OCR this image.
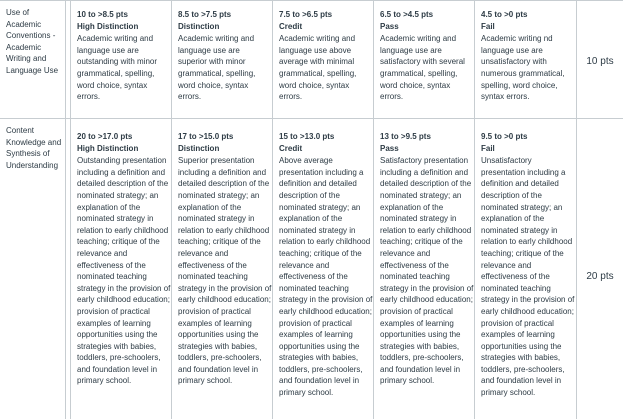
Use of Academic Conventions - Academic Writing and Language Use
10 to >8.5 pts
High Distinction
Academic writing and language use are outstanding with minor grammatical, spelling, word choice, syntax errors.
8.5 to >7.5 pts
Distinction
Academic writing and language use are superior with minor grammatical, spelling, word choice, syntax errors.
7.5 to >6.5 pts
Credit
Academic writing and language use above average with minimal grammatical, spelling, word choice, syntax errors.
6.5 to >4.5 pts
Pass
Academic writing and language use are satisfactory with several grammatical, spelling, word choice, syntax errors.
4.5 to >0 pts
Fail
Academic writing nd language use are unsatisfactory with numerous grammatical, spelling, word choice, syntax errors.
10 pts
Content Knowledge and Synthesis of Understanding
20 to >17.0 pts
High Distinction
Outstanding presentation including a definition and detailed description of the nominated strategy; an explanation of the nominated strategy in relation to early childhood teaching; critique of the relevance and effectiveness of the nominated teaching strategy in the provision of early childhood education; provision of practical examples of learning opportunities using the strategies with babies, toddlers, pre-schoolers, and foundation level in primary school.
17 to >15.0 pts
Distinction
Superior presentation including a definition and detailed description of the nominated strategy; an explanation of the nominated strategy in relation to early childhood teaching; critique of the relevance and effectiveness of the nominated teaching strategy in the provision of early childhood education; provision of practical examples of learning opportunities using the strategies with babies, toddlers, pre-schoolers, and foundation level in primary school.
15 to >13.0 pts
Credit
Above average presentation including a definition and detailed description of the nominated strategy; an explanation of the nominated strategy in relation to early childhood teaching; critique of the relevance and effectiveness of the nominated teaching strategy in the provision of early childhood education; provision of practical examples of learning opportunities using the strategies with babies, toddlers, pre-schoolers, and foundation level in primary school.
13 to >9.5 pts
Pass
Satisfactory presentation including a definition and detailed description of the nominated strategy; an explanation of the nominated strategy in relation to early childhood teaching; critique of the relevance and effectiveness of the nominated teaching strategy in the provision of early childhood education; provision of practical examples of learning opportunities using the strategies with babies, toddlers, pre-schoolers, and foundation level in primary school.
9.5 to >0 pts
Fail
Unsatisfactory presentation including a definition and detailed description of the nominated strategy; an explanation of the nominated strategy in relation to early childhood teaching; critique of the relevance and effectiveness of the nominated teaching strategy in the provision of early childhood education; provision of practical examples of learning opportunities using the strategies with babies, toddlers, pre-schoolers, and foundation level in primary school.
20 pts
